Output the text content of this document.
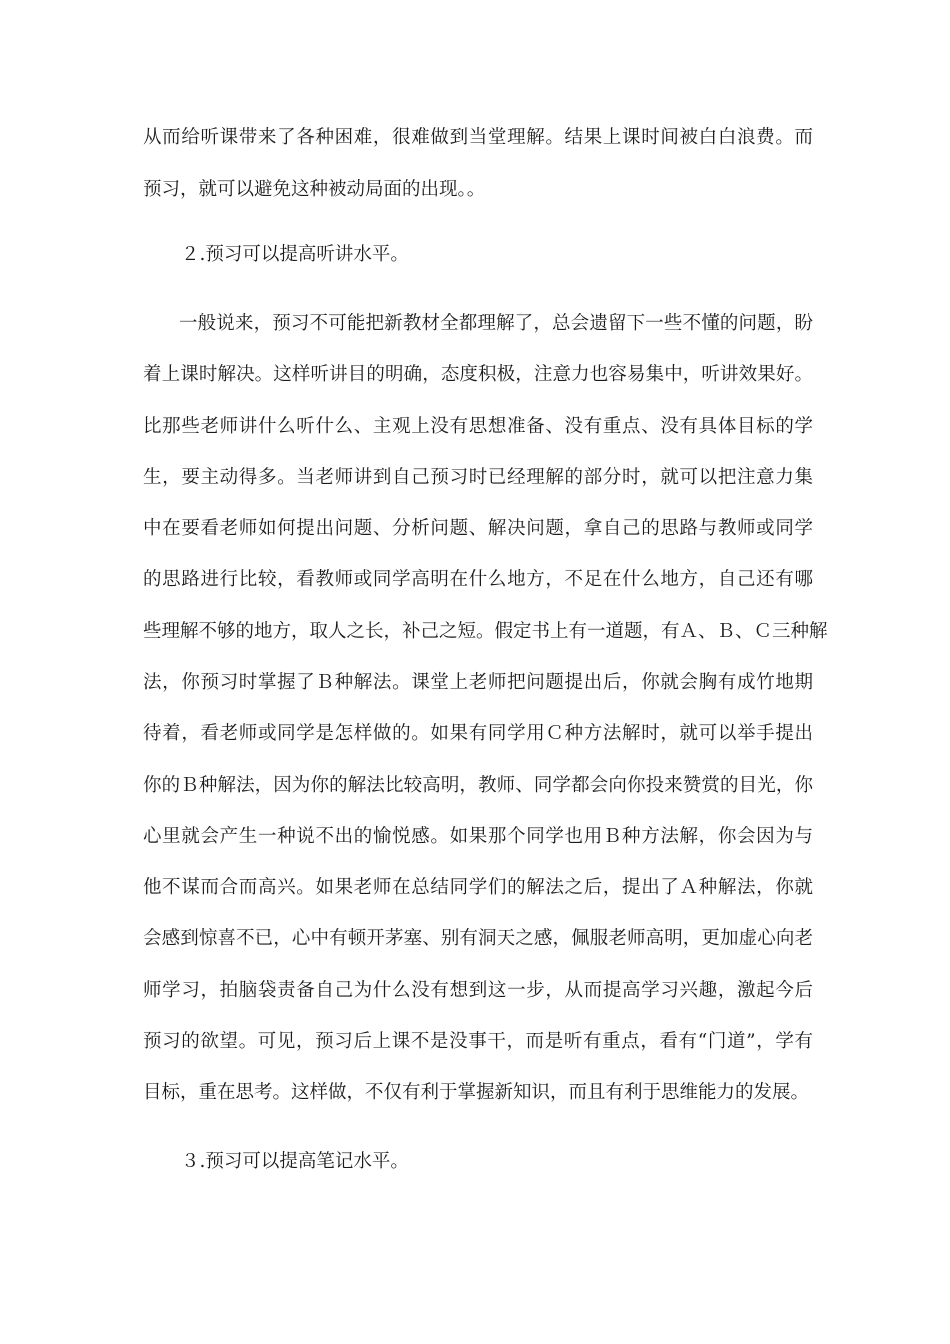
从而给听课带来了各种困难，很难做到当堂理解。结果上课时间被白白浪费。而
预习，就可以避免这种被动局面的出现。。
２.预习可以提高听讲水平。
一般说来，预习不可能把新教材全都理解了，总会遗留下一些不懂的问题，盼
着上课时解决。这样听讲目的明确，态度积极，注意力也容易集中，听讲效果好。
比那些老师讲什么听什么、主观上没有思想准备、没有重点、没有具体目标的学
生，要主动得多。当老师讲到自己预习时已经理解的部分时，就可以把注意力集
中在要看老师如何提出问题、分析问题、解决问题，拿自己的思路与教师或同学
的思路进行比较，看教师或同学高明在什么地方，不足在什么地方，自己还有哪
些理解不够的地方，取人之长，补己之短。假定书上有一道题，有Ａ、Ｂ、Ｃ三种解
法，你预习时掌握了Ｂ种解法。课堂上老师把问题提出后，你就会胸有成竹地期
待着，看老师或同学是怎样做的。如果有同学用Ｃ种方法解时，就可以举手提出
你的Ｂ种解法，因为你的解法比较高明，教师、同学都会向你投来赞赏的目光，你
心里就会产生一种说不出的愉悦感。如果那个同学也用Ｂ种方法解，你会因为与
他不谋而合而高兴。如果老师在总结同学们的解法之后，提出了Ａ种解法，你就
会感到惊喜不已，心中有顿开茅塞、别有洞天之感，佩服老师高明，更加虚心向老
师学习，拍脑袋责备自己为什么没有想到这一步，从而提高学习兴趣，激起今后
预习的欲望。可见，预习后上课不是没事干，而是听有重点，看有“门道”，学有
目标，重在思考。这样做，不仅有利于掌握新知识，而且有利于思维能力的发展。
３.预习可以提高笔记水平。
